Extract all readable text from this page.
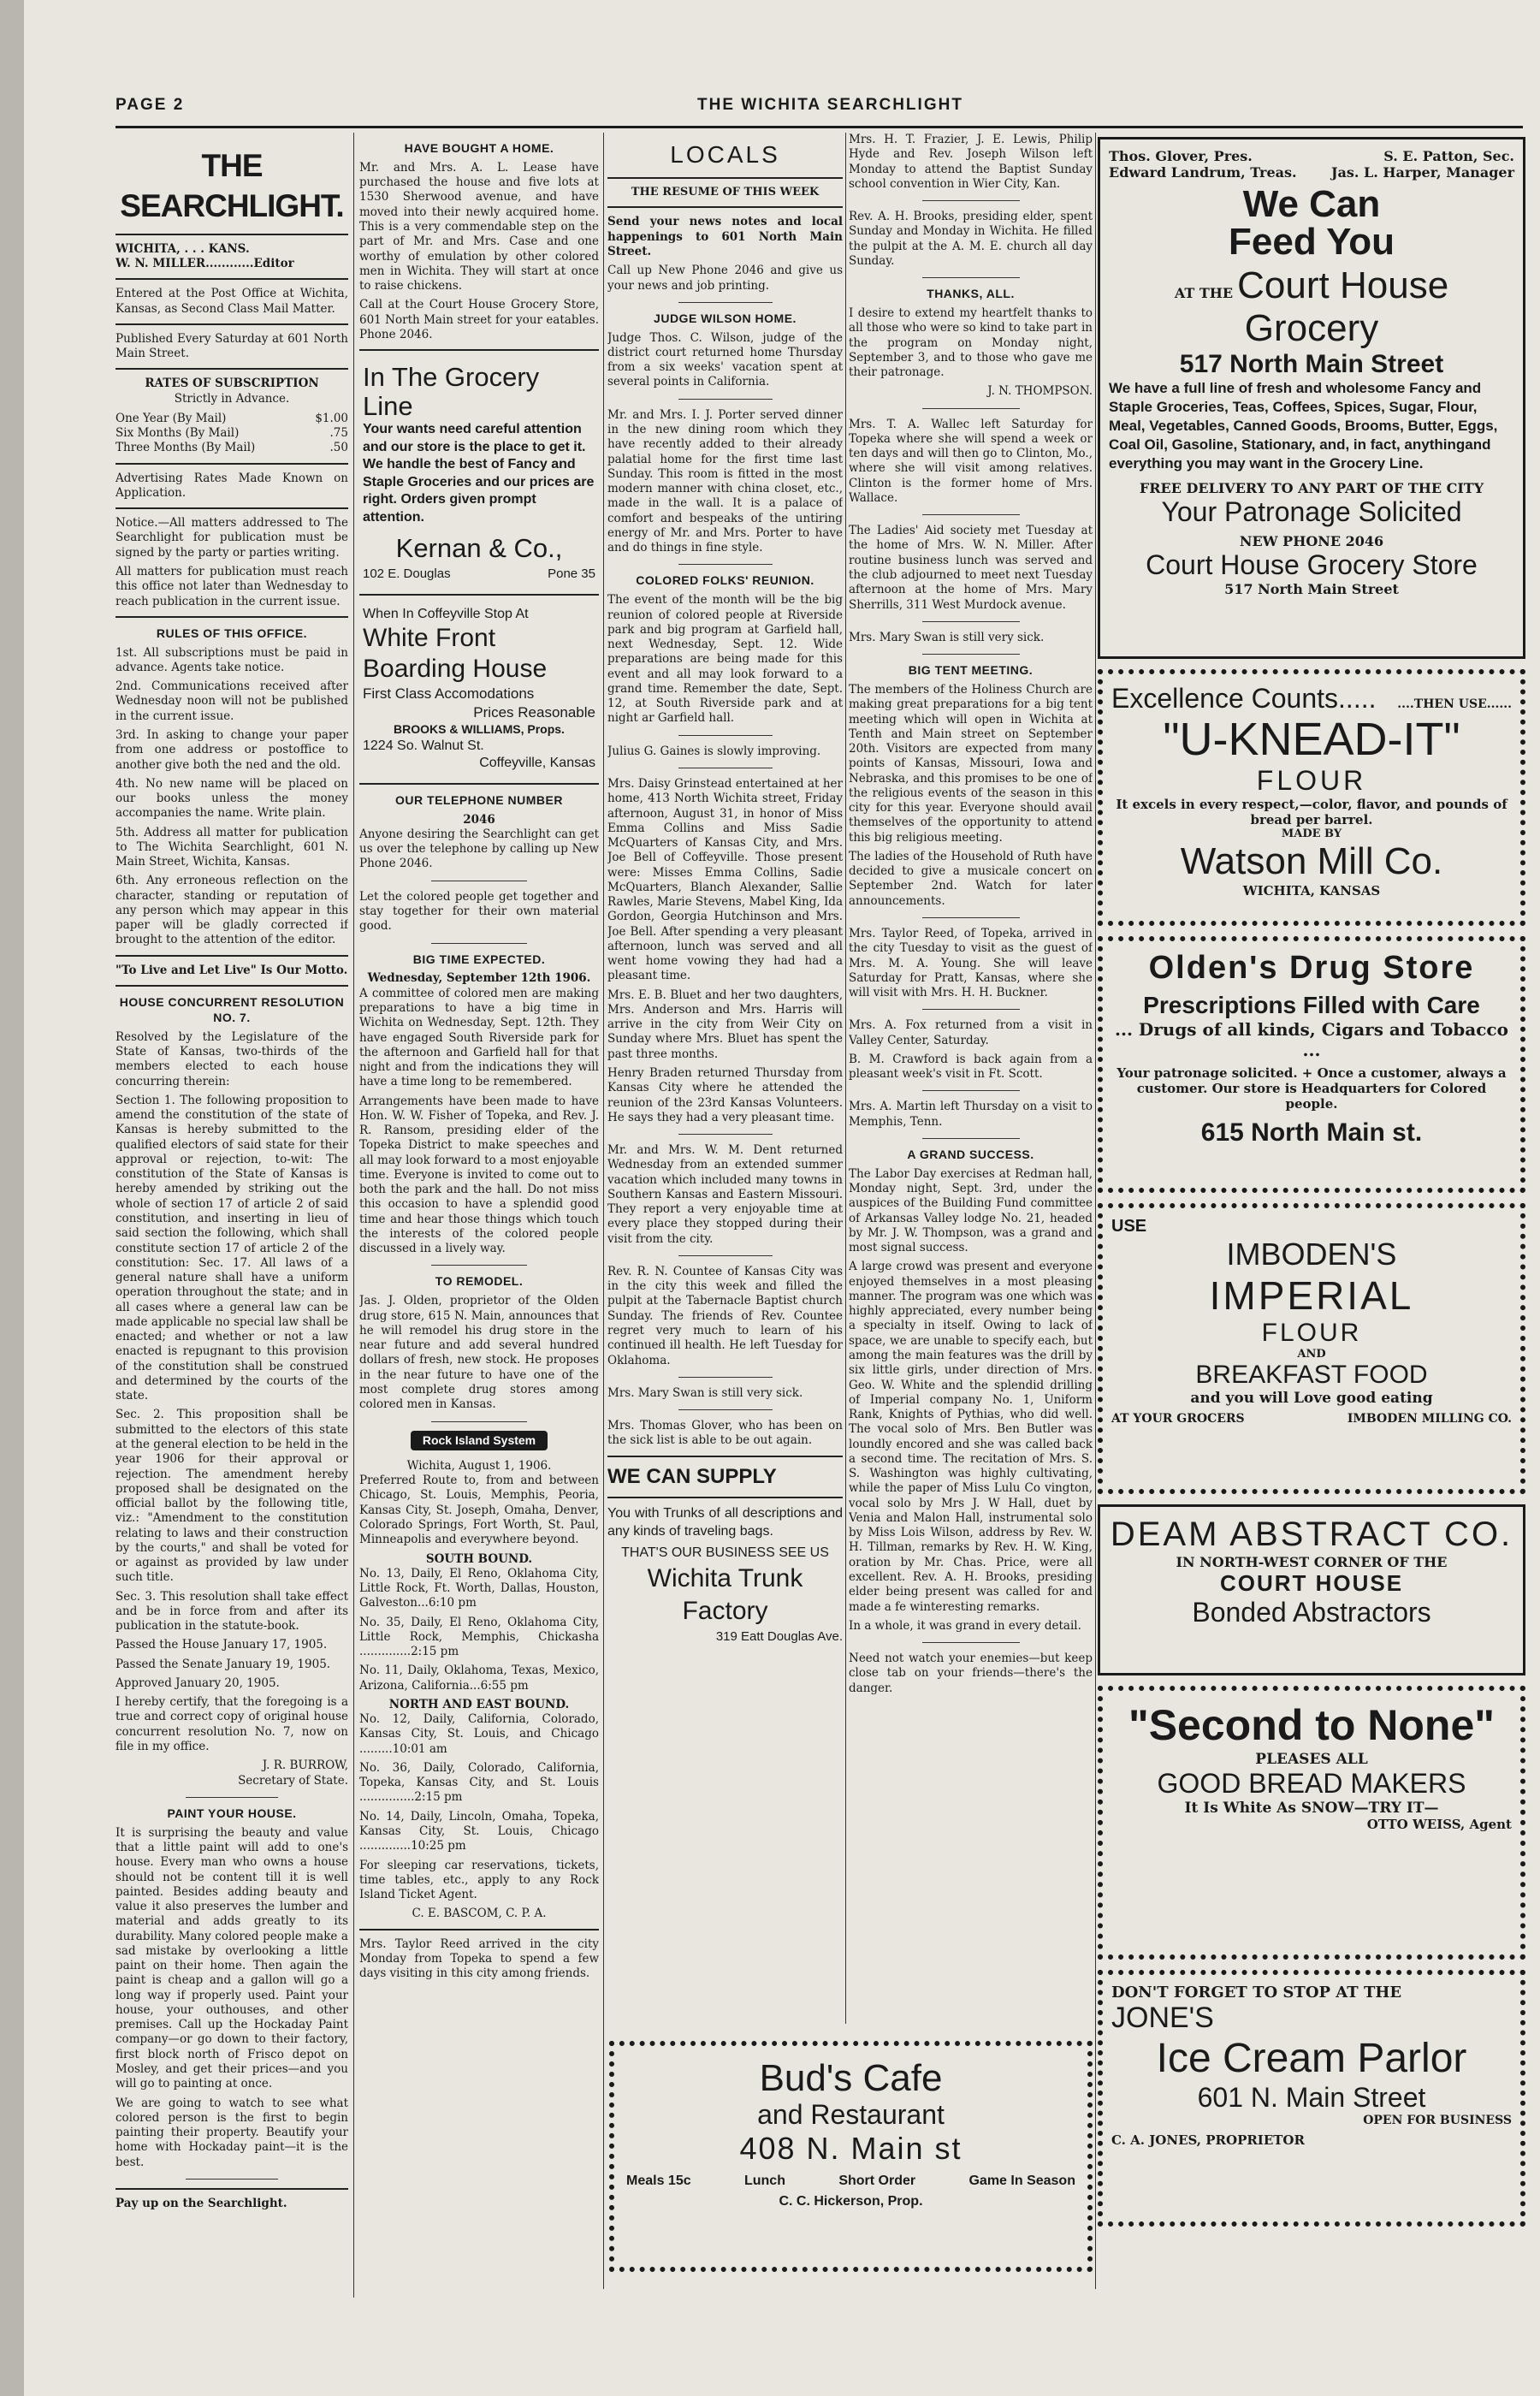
PAGE 2	THE WICHITA SEARCHLIGHT
THE SEARCHLIGHT.
WICHITA, . . . KANS.
W. N. MILLER............Editor

Entered at the Post Office at Wichita, Kansas, as Second Class Mail Matter.

Published Every Saturday at 601 North Main Street.

RATES OF SUBSCRIPTION
Strictly in Advance.
One Year (By Mail)	$1.00
Six Months (By Mail)	.75
Three Months (By Mail)	.50

Advertising Rates Made Known on Application.

Notice.—All matters addressed to The Searchlight for publication must be signed by the party or parties writing.

All matters for publication must reach this office not later than Wednesday to reach publication in the current issue.

RULES OF THIS OFFICE.

1st. All subscriptions must be paid in advance. Agents take notice.

2nd. Communications received after Wednesday noon will not be published in the current issue.

3rd. In asking to change your paper from one address or postoffice to another give both the ned and the old.

4th. No new name will be placed on our books unless the money accompanies the name. Write plain.

5th. Address all matter for publication to The Wichita Searchlight, 601 N. Main Street, Wichita, Kansas.

6th. Any erroneous reflection on the character, standing or reputation of any person which may appear in this paper will be gladly corrected if brought to the attention of the editor.

"To Live and Let Live" Is Our Motto.
HOUSE CONCURRENT RESOLUTION NO. 7.

Resolved by the Legislature of the State of Kansas, two-thirds of the members elected to each house concurring therein:

Section 1. The following proposition to amend the constitution of the state of Kansas is hereby submitted to the qualified electors of said state for their approval or rejection, to-wit: The constitution of the State of Kansas is hereby amended by striking out the whole of section 17 of article 2 of said constitution, and inserting in lieu of said section the following, which shall constitute section 17 of article 2 of the constitution: Sec. 17. All laws of a general nature shall have a uniform operation throughout the state; and in all cases where a general law can be made applicable no special law shall be enacted; and whether or not a law enacted is repugnant to this provision of the constitution shall be construed and determined by the courts of the state.

Sec. 2. This proposition shall be submitted to the electors of this state at the general election to be held in the year 1906 for their approval or rejection. The amendment hereby proposed shall be designated on the official ballot by the following title, viz.: "Amendment to the constitution relating to laws and their construction by the courts," and shall be voted for or against as provided by law under such title.

Sec. 3. This resolution shall take effect and be in force from and after its publication in the statute-book.

Passed the House January 17, 1905.

Passed the Senate January 19, 1905.

Approved January 20, 1905.

I hereby certify, that the foregoing is a true and correct copy of original house concurrent resolution No. 7, now on file in my office.

J. R. BURROW,
Secretary of State.
PAINT YOUR HOUSE.

It is surprising the beauty and value that a little paint will add to one's house. Every man who owns a house should not be content till it is well painted. Besides adding beauty and value it also preserves the lumber and material and adds greatly to its durability. Many colored people make a sad mistake by overlooking a little paint on their home. Then again the paint is cheap and a gallon will go a long way if properly used. Paint your house, your outhouses, and other premises. Call up the Hockaday Paint company—or go down to their factory, first block north of Frisco depot on Mosley, and get their prices—and you will go to painting at once.

We are going to watch to see what colored person is the first to begin painting their property. Beautify your home with Hockaday paint—it is the best.

Pay up on the Searchlight.
HAVE BOUGHT A HOME.

Mr. and Mrs. A. L. Lease have purchased the house and five lots at 1530 Sherwood avenue, and have moved into their newly acquired home. This is a very commendable step on the part of Mr. and Mrs. Case and one worthy of emulation by other colored men in Wichita. They will start at once to raise chickens.

Call at the Court House Grocery Store, 601 North Main street for your eatables. Phone 2046.

In The Grocery Line
Your wants need careful attention and our store is the place to get it. We handle the best of Fancy and Staple Groceries and our prices are right. Orders given prompt attention.
Kernan & Co.,
102 E. Douglas	Pone 35
When In Coffeyville Stop At
White Front
Boarding House
First Class Accomodations
Prices Reasonable
BROOKS & WILLIAMS, Props.
1224 So. Walnut St.
Coffeyville, Kansas
OUR TELEPHONE NUMBER
2046

Anyone desiring the Searchlight can get us over the telephone by calling up New Phone 2046.

Let the colored people get together and stay together for their own material good.

BIG TIME EXPECTED.
Wednesday, September 12th 1906.

A committee of colored men are making preparations to have a big time in Wichita on Wednesday, Sept. 12th. They have engaged South Riverside park for the afternoon and Garfield hall for that night and from the indications they will have a time long to be remembered.

Arrangements have been made to have Hon. W. W. Fisher of Topeka, and Rev. J. R. Ransom, presiding elder of the Topeka District to make speeches and all may look forward to a most enjoyable time. Everyone is invited to come out to both the park and the hall. Do not miss this occasion to have a splendid good time and hear those things which touch the interests of the colored people discussed in a lively way.

TO REMODEL.

Jas. J. Olden, proprietor of the Olden drug store, 615 N. Main, announces that he will remodel his drug store in the near future and add several hundred dollars of fresh, new stock. He proposes in the near future to have one of the most complete drug stores among colored men in Kansas.

Rock Island System
Wichita, August 1, 1906.

Preferred Route to, from and between Chicago, St. Louis, Memphis, Peoria, Kansas City, St. Joseph, Omaha, Denver, Colorado Springs, Fort Worth, St. Paul, Minneapolis and everywhere beyond.

SOUTH BOUND.

No. 13, Daily, El Reno, Oklahoma City, Little Rock, Ft. Worth, Dallas, Houston, Galveston...6:10 pm

No. 35, Daily, El Reno, Oklahoma City, Little Rock, Memphis, Chickasha ..............2:15 pm

No. 11, Daily, Oklahoma, Texas, Mexico, Arizona, California...6:55 pm

NORTH AND EAST BOUND.

No. 12, Daily, California, Colorado, Kansas City, St. Louis, and Chicago .........10:01 am

No. 36, Daily, Colorado, California, Topeka, Kansas City, and St. Louis ...............2:15 pm

No. 14, Daily, Lincoln, Omaha, Topeka, Kansas City, St. Louis, Chicago ..............10:25 pm

For sleeping car reservations, tickets, time tables, etc., apply to any Rock Island Ticket Agent.

C. E. BASCOM, C. P. A.

Mrs. Taylor Reed arrived in the city Monday from Topeka to spend a few days visiting in this city among friends.

LOCALS
THE RESUME OF THIS WEEK

Send your news notes and local happenings to 601 North Main Street.

Call up New Phone 2046 and give us your news and job printing.

JUDGE WILSON HOME.

Judge Thos. C. Wilson, judge of the district court returned home Thursday from a six weeks' vacation spent at several points in California.

Mr. and Mrs. I. J. Porter served dinner in the new dining room which they have recently added to their already palatial home for the first time last Sunday. This room is fitted in the most modern manner with china closet, etc., made in the wall. It is a palace of comfort and bespeaks of the untiring energy of Mr. and Mrs. Porter to have and do things in fine style.

COLORED FOLKS' REUNION.

The event of the month will be the big reunion of colored people at Riverside park and big program at Garfield hall, next Wednesday, Sept. 12. Wide preparations are being made for this event and all may look forward to a grand time. Remember the date, Sept. 12, at South Riverside park and at night ar Garfield hall.

Julius G. Gaines is slowly improving.

Mrs. Daisy Grinstead entertained at her home, 413 North Wichita street, Friday afternoon, August 31, in honor of Miss Emma Collins and Miss Sadie McQuarters of Kansas City, and Mrs. Joe Bell of Coffeyville. Those present were: Misses Emma Collins, Sadie McQuarters, Blanch Alexander, Sallie Rawles, Marie Stevens, Mabel King, Ida Gordon, Georgia Hutchinson and Mrs. Joe Bell. After spending a very pleasant afternoon, lunch was served and all went home vowing they had had a pleasant time.

Mrs. E. B. Bluet and her two daughters, Mrs. Anderson and Mrs. Harris will arrive in the city from Weir City on Sunday where Mrs. Bluet has spent the past three months.

Henry Braden returned Thursday from Kansas City where he attended the reunion of the 23rd Kansas Volunteers. He says they had a very pleasant time.

Mr. and Mrs. W. M. Dent returned Wednesday from an extended summer vacation which included many towns in Southern Kansas and Eastern Missouri. They report a very enjoyable time at every place they stopped during their visit from the city.

Rev. R. N. Countee of Kansas City was in the city this week and filled the pulpit at the Tabernacle Baptist church Sunday. The friends of Rev. Countee regret very much to learn of his continued ill health. He left Tuesday for Oklahoma.

Mrs. Mary Swan is still very sick.

Mrs. Thomas Glover, who has been on the sick list is able to be out again.

WE CAN SUPPLY

You with Trunks of all descriptions and any kinds of traveling bags.

THAT'S OUR BUSINESS SEE US
Wichita Trunk
Factory
319 Eatt Douglas Ave.

Mrs. H. T. Frazier, J. E. Lewis, Philip Hyde and Rev. Joseph Wilson left Monday to attend the Baptist Sunday school convention in Wier City, Kan.

Rev. A. H. Brooks, presiding elder, spent Sunday and Monday in Wichita. He filled the pulpit at the A. M. E. church all day Sunday.

THANKS, ALL.

I desire to extend my heartfelt thanks to all those who were so kind to take part in the program on Monday night, September 3, and to those who gave me their patronage.

J. N. THOMPSON.

Mrs. T. A. Wallec left Saturday for Topeka where she will spend a week or ten days and will then go to Clinton, Mo., where she will visit among relatives. Clinton is the former home of Mrs. Wallace.

The Ladies' Aid society met Tuesday at the home of Mrs. W. N. Miller. After routine business lunch was served and the club adjourned to meet next Tuesday afternoon at the home of Mrs. Mary Sherrills, 311 West Murdock avenue.

Mrs. Mary Swan is still very sick.

BIG TENT MEETING.

The members of the Holiness Church are making great preparations for a big tent meeting which will open in Wichita at Tenth and Main street on September 20th. Visitors are expected from many points of Kansas, Missouri, Iowa and Nebraska, and this promises to be one of the religious events of the season in this city for this year. Everyone should avail themselves of the opportunity to attend this big religious meeting.

The ladies of the Household of Ruth have decided to give a musicale concert on September 2nd. Watch for later announcements.

Mrs. Taylor Reed, of Topeka, arrived in the city Tuesday to visit as the guest of Mrs. M. A. Young. She will leave Saturday for Pratt, Kansas, where she will visit with Mrs. H. H. Buckner.

Mrs. A. Fox returned from a visit in Valley Center, Saturday.

B. M. Crawford is back again from a pleasant week's visit in Ft. Scott.

Mrs. A. Martin left Thursday on a visit to Memphis, Tenn.

A GRAND SUCCESS.

The Labor Day exercises at Redman hall, Monday night, Sept. 3rd, under the auspices of the Building Fund committee of Arkansas Valley lodge No. 21, headed by Mr. J. W. Thompson, was a grand and most signal success.

A large crowd was present and everyone enjoyed themselves in a most pleasing manner. The program was one which was highly appreciated, every number being a specialty in itself. Owing to lack of space, we are unable to specify each, but among the main features was the drill by six little girls, under direction of Mrs. Geo. W. White and the splendid drilling of Imperial company No. 1, Uniform Rank, Knights of Pythias, who did well. The vocal solo of Mrs. Ben Butler was loundly encored and she was called back a second time. The recitation of Mrs. S. S. Washington was highly cultivating, while the paper of Miss Lulu Co vington, vocal solo by Mrs J. W Hall, duet by Venia and Malon Hall, instrumental solo by Miss Lois Wilson, address by Rev. W. H. Tillman, remarks by Rev. H. W. King, oration by Mr. Chas. Price, were all excellent. Rev. A. H. Brooks, presiding elder being present was called for and made a fe winteresting remarks.

In a whole, it was grand in every detail.

Need not watch your enemies—but keep close tab on your friends—there's the danger.

Bud's Cafe
and Restaurant
408 N. Main st
Meals 15c	Lunch	Short Order	Game In Season
C. C. Hickerson, Prop.
Thos. Glover, Pres.	S. E. Patton, Sec.
Edward Landrum, Treas.	Jas. L. Harper, Manager
We Can
Feed You
AT THE Court House Grocery
517 North Main Street
We have a full line of fresh and wholesome Fancy and Staple Groceries, Teas, Coffees, Spices, Sugar, Flour, Meal, Vegetables, Canned Goods, Brooms, Butter, Eggs, Coal Oil, Gasoline, Stationary, and, in fact, anythingand everything you may want in the Grocery Line.
FREE DELIVERY TO ANY PART OF THE CITY
Your Patronage Solicited
NEW PHONE 2046
Court House Grocery Store
517 North Main Street
Excellence Counts..... ....THEN USE......
"U-KNEAD-IT"
FLOUR
It excels in every respect,—color, flavor, and pounds of bread per barrel.
MADE BY
Watson Mill Co.
WICHITA, KANSAS
Olden's Drug Store
Prescriptions Filled with Care
... Drugs of all kinds, Cigars and Tobacco ...
Your patronage solicited. + Once a customer, always a customer. Our store is Headquarters for Colored people.
615 North Main st.
USE
IMBODEN'S
IMPERIAL
FLOUR
AND
BREAKFAST FOOD
and you will Love good eating
AT YOUR GROCERS	IMBODEN MILLING CO.
DEAM ABSTRACT CO.
IN NORTH-WEST CORNER OF THE
COURT HOUSE
Bonded Abstractors
"Second to None"
PLEASES ALL
GOOD BREAD MAKERS
It Is White As SNOW—TRY IT—
OTTO WEISS, Agent
DON'T FORGET TO STOP AT THE
JONE'S
Ice Cream Parlor
601 N. Main Street
OPEN FOR BUSINESS
C. A. JONES, PROPRIETOR
